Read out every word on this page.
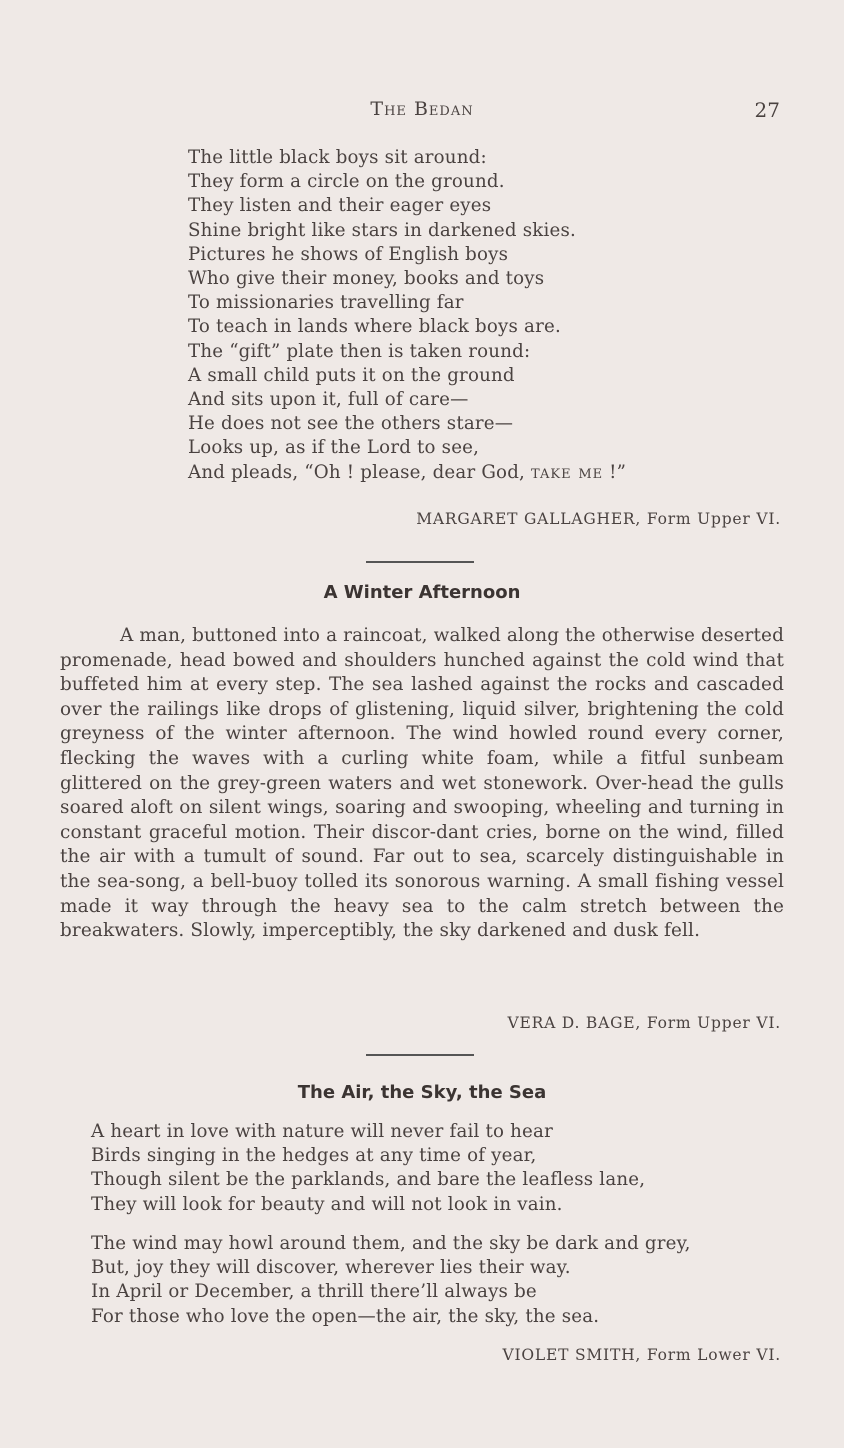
The Bedan	27
The little black boys sit around:
They form a circle on the ground.
They listen and their eager eyes
Shine bright like stars in darkened skies.
Pictures he shows of English boys
Who give their money, books and toys
To missionaries travelling far
To teach in lands where black boys are.
The “gift” plate then is taken round:
A small child puts it on the ground
And sits upon it, full of care—
He does not see the others stare—
Looks up, as if the Lord to see,
And pleads, “Oh ! please, dear God, take me !”
MARGARET GALLAGHER, Form Upper VI.
A Winter Afternoon

A man, buttoned into a raincoat, walked along the otherwise deserted promenade, head bowed and shoulders hunched against the cold wind that buffeted him at every step. The sea lashed against the rocks and cascaded over the railings like drops of glistening, liquid silver, brightening the cold greyness of the winter afternoon. The wind howled round every corner, flecking the waves with a curling white foam, while a fitful sunbeam glittered on the grey-green waters and wet stonework. Over-head the gulls soared aloft on silent wings, soaring and swooping, wheeling and turning in constant graceful motion. Their discor-dant cries, borne on the wind, filled the air with a tumult of sound. Far out to sea, scarcely distinguishable in the sea-song, a bell-buoy tolled its sonorous warning. A small fishing vessel made it way through the heavy sea to the calm stretch between the breakwaters. Slowly, imperceptibly, the sky darkened and dusk fell.

VERA D. BAGE, Form Upper VI.
The Air, the Sky, the Sea
A heart in love with nature will never fail to hear
Birds singing in the hedges at any time of year,
Though silent be the parklands, and bare the leafless lane,
They will look for beauty and will not look in vain.
The wind may howl around them, and the sky be dark and grey,
But, joy they will discover, wherever lies their way.
In April or December, a thrill there’ll always be
For those who love the open—the air, the sky, the sea.
VIOLET SMITH, Form Lower VI.
